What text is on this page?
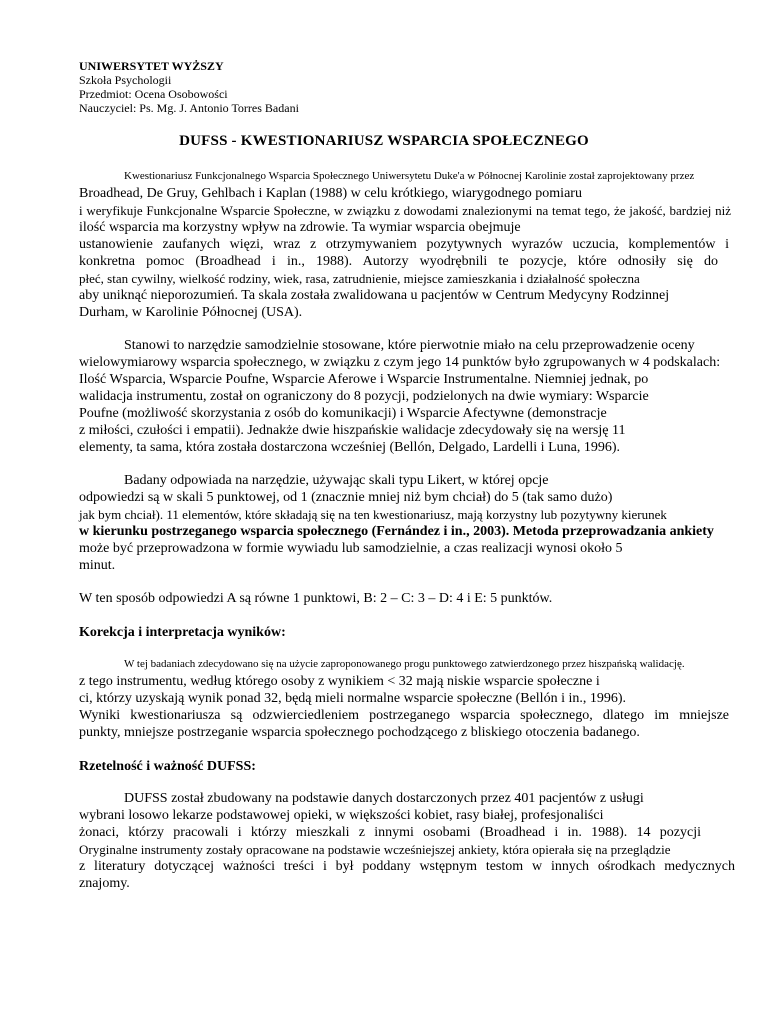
UNIWERSYTET WYŻSZY
Szkoła Psychologii
Przedmiot: Ocena Osobowości
Nauczyciel: Ps. Mg. J. Antonio Torres Badani
DUFSS - KWESTIONARIUSZ WSPARCIA SPOŁECZNEGO
Kwestionariusz Funkcjonalnego Wsparcia Społecznego Uniwersytetu Duke'a w Północnej Karolinie został zaprojektowany przez
Broadhead, De Gruy, Gehlbach i Kaplan (1988) w celu krótkiego, wiarygodnego pomiaru
i weryfikuje Funkcjonalne Wsparcie Społeczne, w związku z dowodami znalezionymi na temat tego, że jakość, bardziej niż
ilość wsparcia ma korzystny wpływ na zdrowie. Ta wymiar wsparcia obejmuje
ustanowienie zaufanych więzi, wraz z otrzymywaniem pozytywnych wyrazów uczucia, komplementów i
konkretna pomoc (Broadhead i in., 1988). Autorzy wyodrębnili te pozycje, które odnosiły się do
płeć, stan cywilny, wielkość rodziny, wiek, rasa, zatrudnienie, miejsce zamieszkania i działalność społeczna
aby uniknąć nieporozumień. Ta skala została zwalidowana u pacjentów w Centrum Medycyny Rodzinnej
Durham, w Karolinie Północnej (USA).
Stanowi to narzędzie samodzielnie stosowane, które pierwotnie miało na celu przeprowadzenie oceny
wielowymiarowy wsparcia społecznego, w związku z czym jego 14 punktów było zgrupowanych w 4 podskalach:
Ilość Wsparcia, Wsparcie Poufne, Wsparcie Aferowe i Wsparcie Instrumentalne. Niemniej jednak, po
walidacja instrumentu, został on ograniczony do 8 pozycji, podzielonych na dwie wymiary: Wsparcie
Poufne (możliwość skorzystania z osób do komunikacji) i Wsparcie Afectywne (demonstracje
z miłości, czułości i empatii). Jednakże dwie hiszpańskie walidacje zdecydowały się na wersję 11
elementy, ta sama, która została dostarczona wcześniej (Bellón, Delgado, Lardelli i Luna, 1996).
Badany odpowiada na narzędzie, używając skali typu Likert, w której opcje
odpowiedzi są w skali 5 punktowej, od 1 (znacznie mniej niż bym chciał) do 5 (tak samo dużo)
jak bym chciał). 11 elementów, które składają się na ten kwestionariusz, mają korzystny lub pozytywny kierunek
w kierunku postrzeganego wsparcia społecznego (Fernández i in., 2003). Metoda przeprowadzania ankiety
może być przeprowadzona w formie wywiadu lub samodzielnie, a czas realizacji wynosi około 5
minut.
W ten sposób odpowiedzi A są równe 1 punktowi, B: 2 – C: 3 – D: 4 i E: 5 punktów.
Korekcja i interpretacja wyników:
W tej badaniach zdecydowano się na użycie zaproponowanego progu punktowego zatwierdzonego przez hiszpańską walidację.
z tego instrumentu, według którego osoby z wynikiem < 32 mają niskie wsparcie społeczne i
ci, którzy uzyskają wynik ponad 32, będą mieli normalne wsparcie społeczne (Bellón i in., 1996).
Wyniki kwestionariusza są odzwierciedleniem postrzeganego wsparcia społecznego, dlatego im mniejsze
punkty, mniejsze postrzeganie wsparcia społecznego pochodzącego z bliskiego otoczenia badanego.
Rzetelność i ważność DUFSS:
DUFSS został zbudowany na podstawie danych dostarczonych przez 401 pacjentów z usługi
wybrani losowo lekarze podstawowej opieki, w większości kobiet, rasy białej, profesjonaliści
żonaci, którzy pracowali i którzy mieszkali z innymi osobami (Broadhead i in. 1988). 14 pozycji
Oryginalne instrumenty zostały opracowane na podstawie wcześniejszej ankiety, która opierała się na przeglądzie
z literatury dotyczącej ważności treści i był poddany wstępnym testom w innych ośrodkach medycznych
znajomy.
